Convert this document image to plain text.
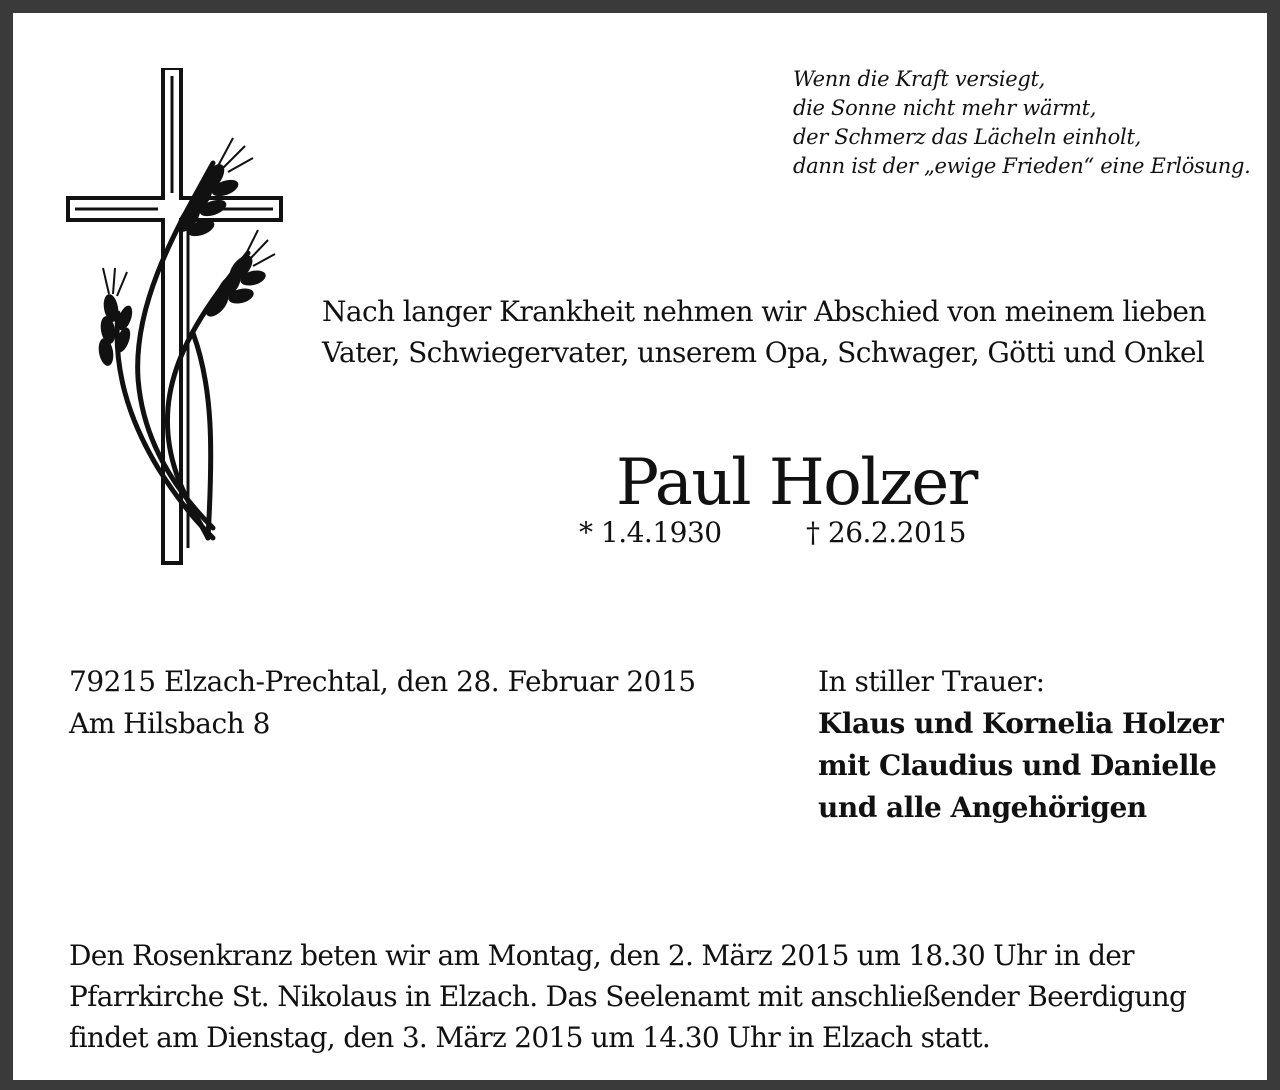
Wenn die Kraft versiegt,
die Sonne nicht mehr wärmt,
der Schmerz das Lächeln einholt,
dann ist der „ewige Frieden“ eine Erlösung.
Nach langer Krankheit nehmen wir Abschied von meinem lieben
Vater, Schwiegervater, unserem Opa, Schwager, Götti und Onkel
Paul Holzer
* 1.4.1930	† 26.2.2015
79215 Elzach-Prechtal, den 28. Februar 2015
Am Hilsbach 8
In stiller Trauer:
Klaus und Kornelia Holzer
mit Claudius und Danielle
und alle Angehörigen
Den Rosenkranz beten wir am Montag, den 2. März 2015 um 18.30 Uhr in der
Pfarrkirche St. Nikolaus in Elzach. Das Seelenamt mit anschließender Beerdigung
findet am Dienstag, den 3. März 2015 um 14.30 Uhr in Elzach statt.
